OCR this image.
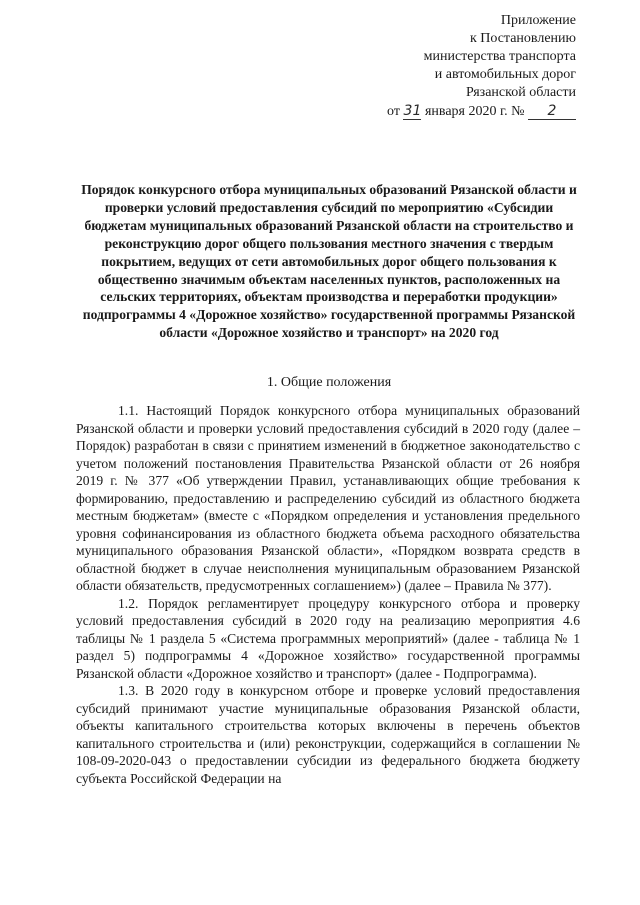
Приложение
к Постановлению
министерства транспорта
и автомобильных дорог
Рязанской области
от 31 января 2020 г. № 2
Порядок конкурсного отбора муниципальных образований Рязанской области и проверки условий предоставления субсидий по мероприятию «Субсидии бюджетам муниципальных образований Рязанской области на строительство и реконструкцию дорог общего пользования местного значения с твердым покрытием, ведущих от сети автомобильных дорог общего пользования к общественно значимым объектам населенных пунктов, расположенных на сельских территориях, объектам производства и переработки продукции» подпрограммы 4 «Дорожное хозяйство» государственной программы Рязанской области «Дорожное хозяйство и транспорт» на 2020 год
1. Общие положения

1.1. Настоящий Порядок конкурсного отбора муниципальных образований Рязанской области и проверки условий предоставления субсидий в 2020 году (далее – Порядок) разработан в связи с принятием изменений в бюджетное законодательство с учетом положений постановления Правительства Рязанской области от 26 ноября 2019 г. № 377 «Об утверждении Правил, устанавливающих общие требования к формированию, предоставлению и распределению субсидий из областного бюджета местным бюджетам» (вместе с «Порядком определения и установления предельного уровня софинансирования из областного бюджета объема расходного обязательства муниципального образования Рязанской области», «Порядком возврата средств в областной бюджет в случае неисполнения муниципальным образованием Рязанской области обязательств, предусмотренных соглашением») (далее – Правила № 377).

1.2. Порядок регламентирует процедуру конкурсного отбора и проверку условий предоставления субсидий в 2020 году на реализацию мероприятия 4.6 таблицы № 1 раздела 5 «Система программных мероприятий» (далее - таблица № 1 раздел 5) подпрограммы 4 «Дорожное хозяйство» государственной программы Рязанской области «Дорожное хозяйство и транспорт» (далее - Подпрограмма).

1.3. В 2020 году в конкурсном отборе и проверке условий предоставления субсидий принимают участие муниципальные образования Рязанской области, объекты капитального строительства которых включены в перечень объектов капитального строительства и (или) реконструкции, содержащийся в соглашении № 108-09-2020-043 о предоставлении субсидии из федерального бюджета бюджету субъекта Российской Федерации на
